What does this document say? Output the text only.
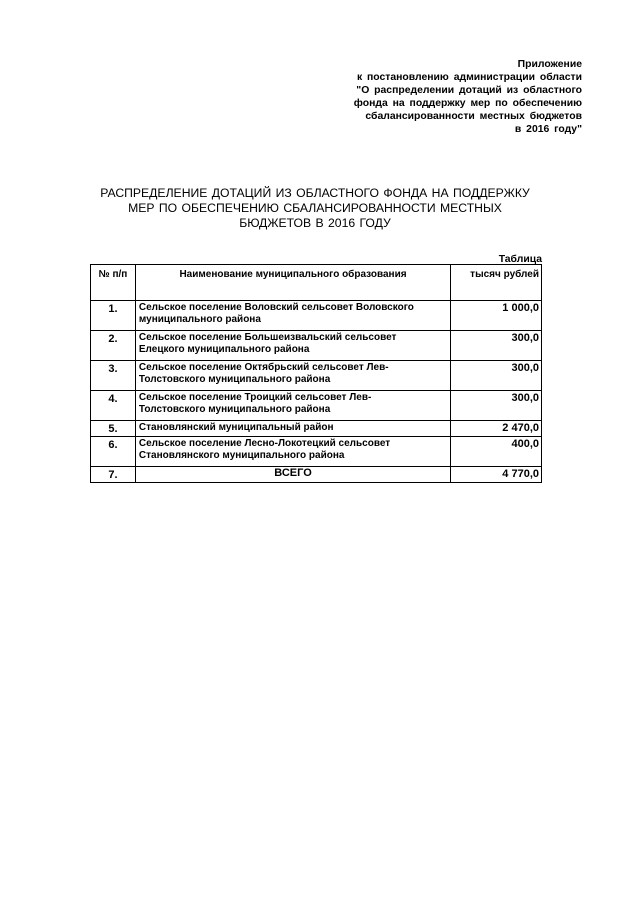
Приложение
к постановлению администрации области
"О распределении дотаций из областного
фонда на поддержку мер по обеспечению
сбалансированности местных бюджетов
в 2016 году"
РАСПРЕДЕЛЕНИЕ ДОТАЦИЙ ИЗ ОБЛАСТНОГО ФОНДА НА ПОДДЕРЖКУ
МЕР ПО ОБЕСПЕЧЕНИЮ СБАЛАНСИРОВАННОСТИ МЕСТНЫХ
БЮДЖЕТОВ В 2016 ГОДУ
Таблица
№ п/п	Наименование муниципального образования	тысяч рублей
1.	Сельское поселение Воловский сельсовет Воловского
муниципального района	1 000,0
2.	Сельское поселение Большеизвальский сельсовет
Елецкого муниципального района	300,0
3.	Сельское поселение Октябрьский сельсовет Лев-
Толстовского муниципального района	300,0
4.	Сельское поселение Троицкий сельсовет Лев-
Толстовского муниципального района	300,0
5.	Становлянский муниципальный район	2 470,0
6.	Сельское поселение Лесно-Локотецкий сельсовет
Становлянского муниципального района	400,0
7.	ВСЕГО	4 770,0
